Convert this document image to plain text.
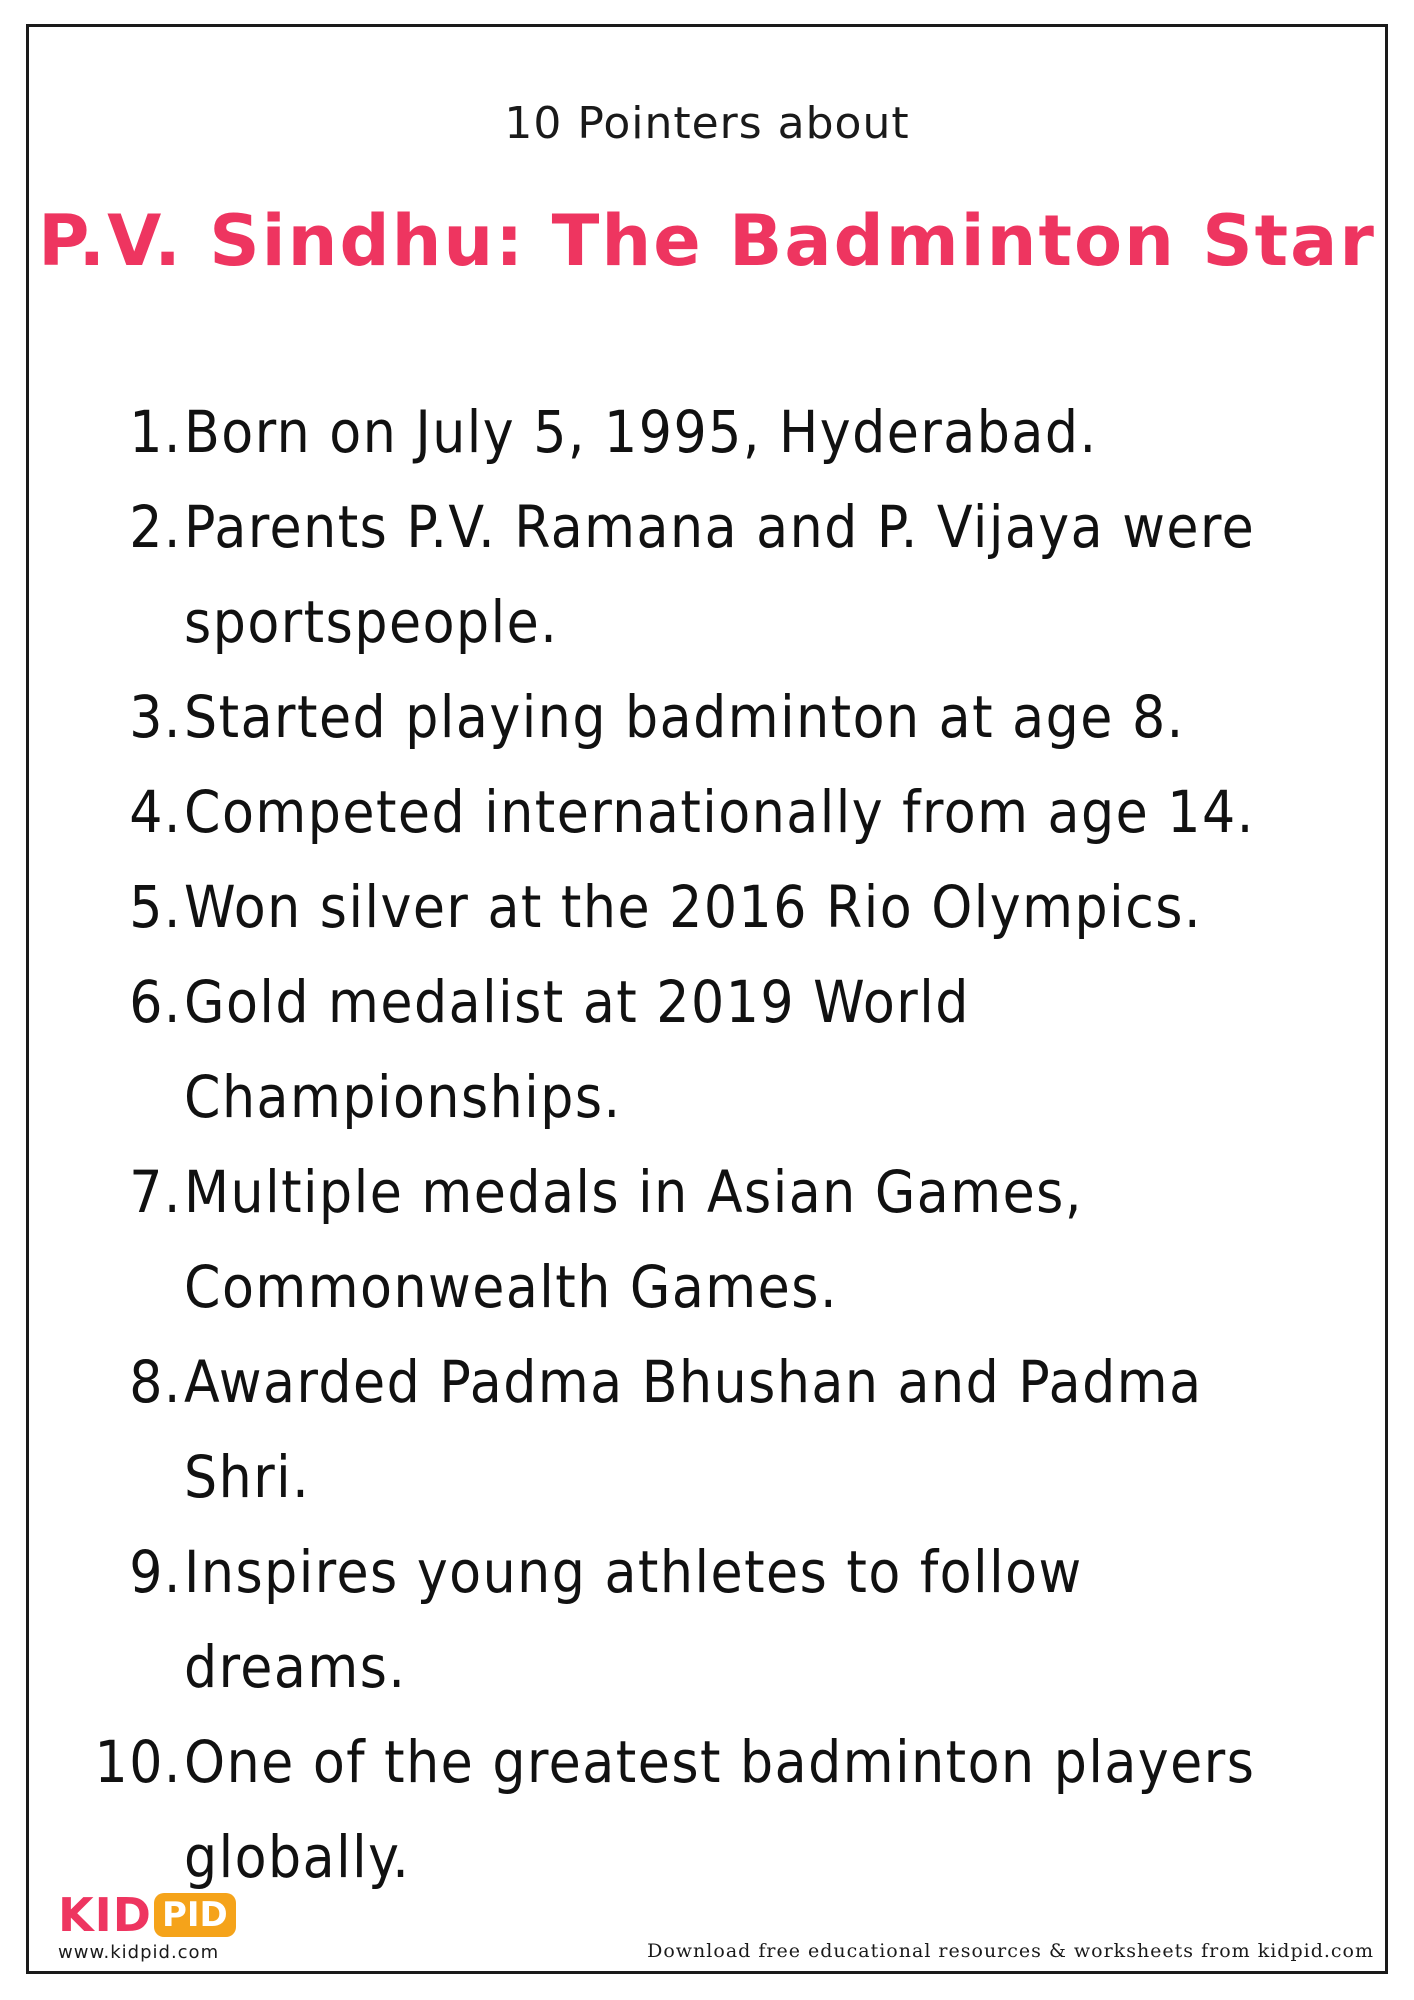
10 Pointers about
P.V. Sindhu: The Badminton Star
1. Born on July 5, 1995, Hyderabad.
2. Parents P.V. Ramana and P. Vijaya were
sportspeople.
3. Started playing badminton at age 8.
4. Competed internationally from age 14.
5. Won silver at the 2016 Rio Olympics.
6. Gold medalist at 2019 World
Championships.
7. Multiple medals in Asian Games,
Commonwealth Games.
8. Awarded Padma Bhushan and Padma
Shri.
9. Inspires young athletes to follow
dreams.
10. One of the greatest badminton players
globally.
KID PID
www.kidpid.com	Download free educational resources & worksheets from kidpid.com
